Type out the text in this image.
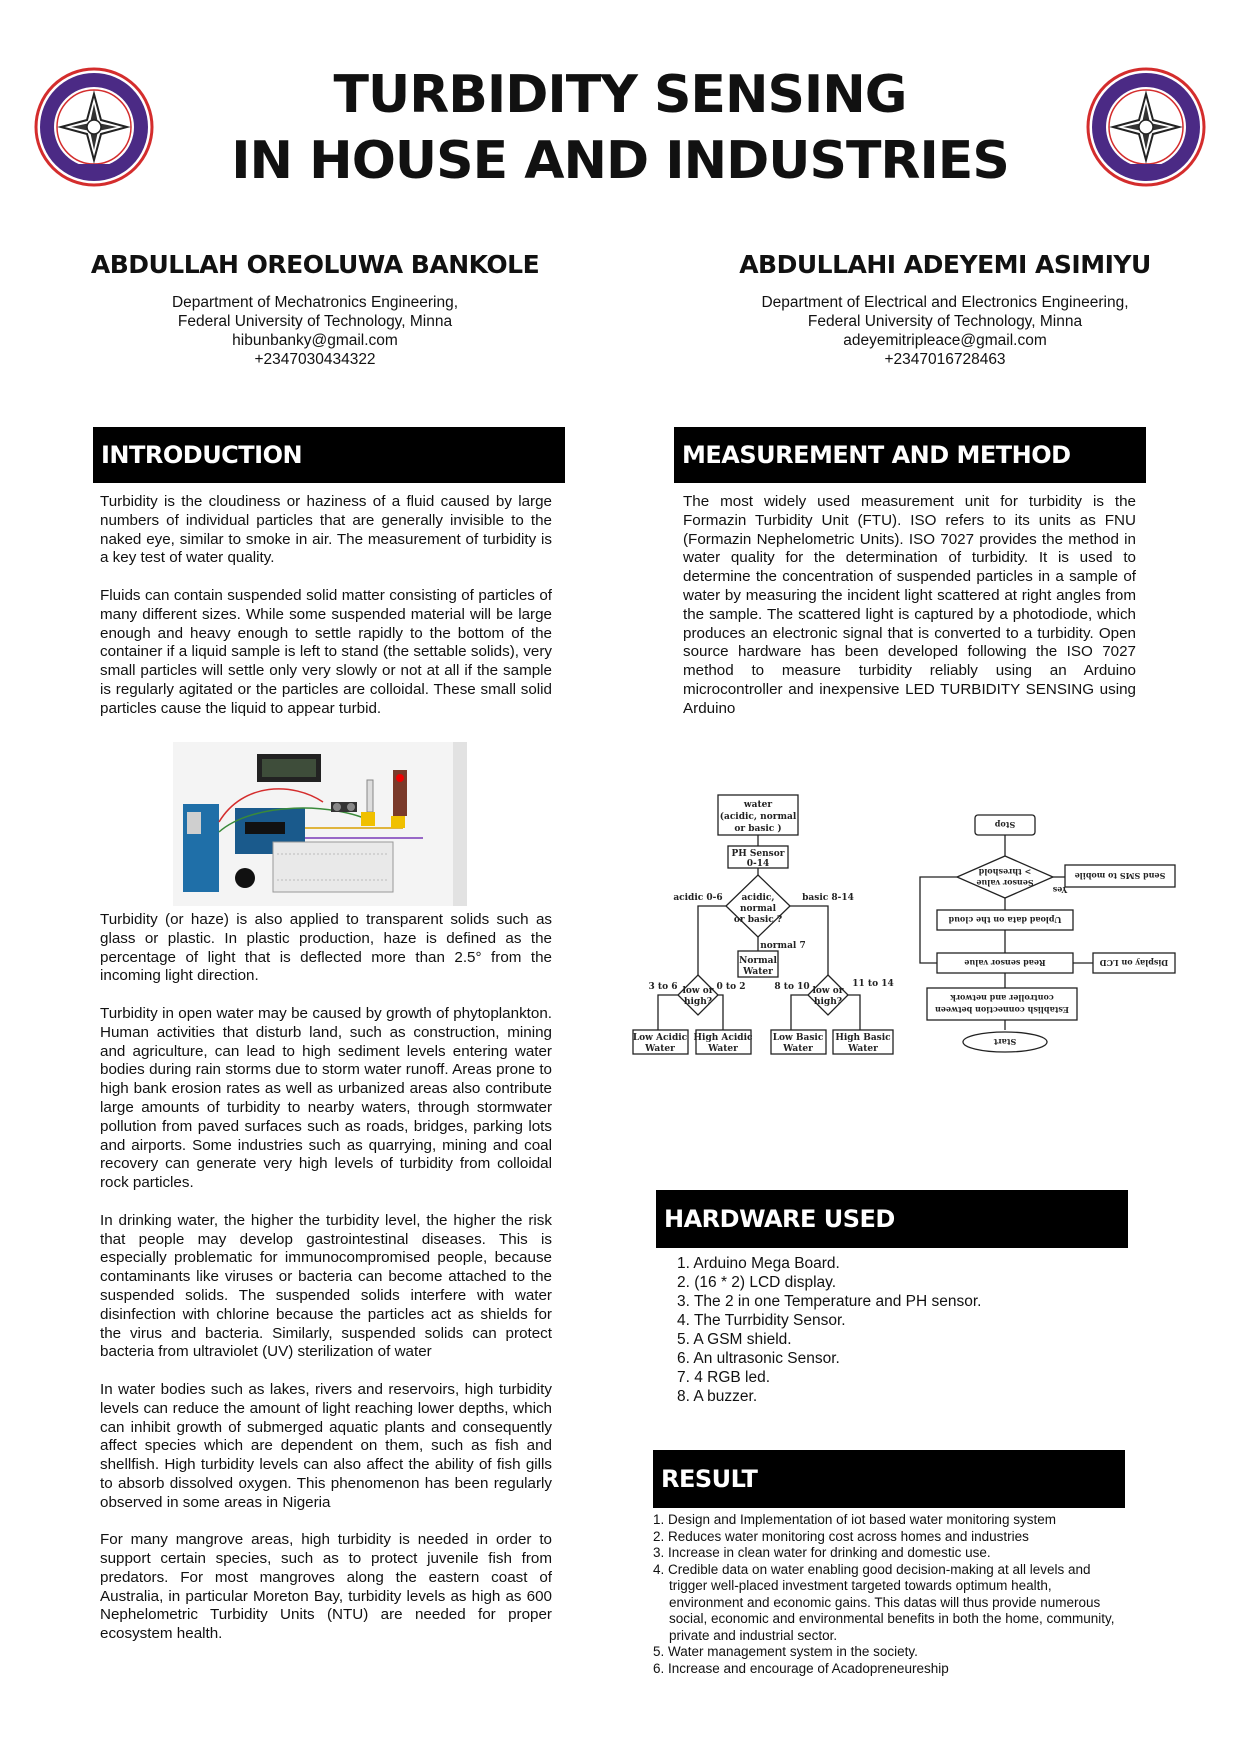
TURBIDITY SENSING
IN HOUSE AND INDUSTRIES
ABDULLAH OREOLUWA BANKOLE
Department of Mechatronics Engineering,
Federal University of Technology, Minna
hibunbanky@gmail.com
+2347030434322
ABDULLAHI ADEYEMI ASIMIYU
Department of Electrical and Electronics Engineering,
Federal University of Technology, Minna
adeyemitripleace@gmail.com
+2347016728463
INTRODUCTION

Turbidity is the cloudiness or haziness of a fluid caused by large numbers of individual particles that are generally invisible to the naked eye, similar to smoke in air. The measurement of turbidity is a key test of water quality.

Fluids can contain suspended solid matter consisting of particles of many different sizes. While some suspended material will be large enough and heavy enough to settle rapidly to the bottom of the container if a liquid sample is left to stand (the settable solids), very small particles will settle only very slowly or not at all if the sample is regularly agitated or the particles are colloidal. These small solid particles cause the liquid to appear turbid.

Turbidity (or haze) is also applied to transparent solids such as glass or plastic. In plastic production, haze is defined as the percentage of light that is deflected more than 2.5° from the incoming light direction.

Turbidity in open water may be caused by growth of phytoplankton. Human activities that disturb land, such as construction, mining and agriculture, can lead to high sediment levels entering water bodies during rain storms due to storm water runoff. Areas prone to high bank erosion rates as well as urbanized areas also contribute large amounts of turbidity to nearby waters, through stormwater pollution from paved surfaces such as roads, bridges, parking lots and airports. Some industries such as quarrying, mining and coal recovery can generate very high levels of turbidity from colloidal rock particles.

In drinking water, the higher the turbidity level, the higher the risk that people may develop gastrointestinal diseases. This is especially problematic for immunocompromised people, because contaminants like viruses or bacteria can become attached to the suspended solids. The suspended solids interfere with water disinfection with chlorine because the particles act as shields for the virus and bacteria. Similarly, suspended solids can protect bacteria from ultraviolet (UV) sterilization of water

In water bodies such as lakes, rivers and reservoirs, high turbidity levels can reduce the amount of light reaching lower depths, which can inhibit growth of submerged aquatic plants and consequently affect species which are dependent on them, such as fish and shellfish. High turbidity levels can also affect the ability of fish gills to absorb dissolved oxygen. This phenomenon has been regularly observed in some areas in Nigeria

For many mangrove areas, high turbidity is needed in order to support certain species, such as to protect juvenile fish from predators. For most mangroves along the eastern coast of Australia, in particular Moreton Bay, turbidity levels as high as 600 Nephelometric Turbidity Units (NTU) are needed for proper ecosystem health.

MEASUREMENT AND METHOD

The most widely used measurement unit for turbidity is the Formazin Turbidity Unit (FTU). ISO refers to its units as FNU (Formazin Nephelometric Units). ISO 7027 provides the method in water quality for the determination of turbidity. It is used to determine the concentration of suspended particles in a sample of water by measuring the incident light scattered at right angles from the sample. The scattered light is captured by a photodiode, which produces an electronic signal that is converted to a turbidity. Open source hardware has been developed following the ISO 7027 method to measure turbidity reliably using an Arduino microcontroller and inexpensive LED TURBIDITY SENSING using Arduino

water
(acidic, normal
or basic )
PH Sensor
0-14
acidic,
normal
or basic ?
acidic 0-6	basic 8-14
normal 7
Normal
Water
low or
high?
low or
high?
3 to 6	0 to 2	8 to 10	11 to 14
Low Acidic
Water
High Acidic
Water
Low Basic
Water
High Basic
Water
Stop
> threshold
Sensor value
Yes
Send SMS to mobile
Upload data on the cloud
Read sensor value	Display on LCD
controller and network
Establish connection between
Start
HARDWARE USED
1. Arduino Mega Board.
2. (16 * 2) LCD display.
3. The 2 in one Temperature and PH sensor.
4. The Turrbidity Sensor.
5. A GSM shield.
6. An ultrasonic Sensor.
7. 4 RGB led.
8. A buzzer.
RESULT
1. Design and Implementation of iot based water monitoring system
2. Reduces water monitoring cost across homes and industries
3. Increase in clean water for drinking and domestic use.
4. Credible data on water enabling good decision-making at all levels and trigger well-placed investment targeted towards optimum health, environment and economic gains. This datas will thus provide numerous social, economic and environmental benefits in both the home, community, private and industrial sector.
5. Water management system in the society.
6. Increase and encourage of Acadopreneureship
